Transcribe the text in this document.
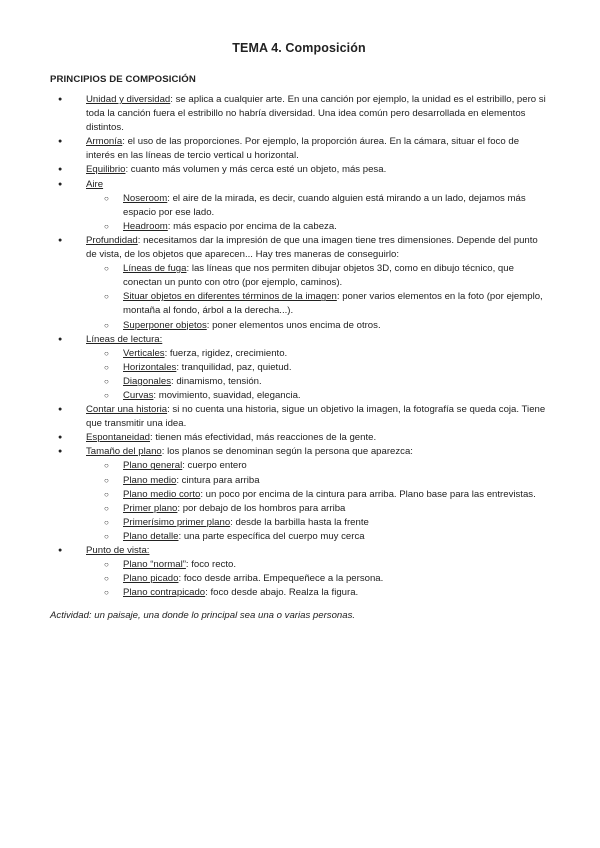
TEMA 4. Composición
PRINCIPIOS DE COMPOSICIÓN
● Unidad y diversidad: se aplica a cualquier arte. En una canción por ejemplo, la unidad es el estribillo, pero si toda la canción fuera el estribillo no habría diversidad. Una idea común pero desarrollada en elementos distintos.
● Armonía: el uso de las proporciones. Por ejemplo, la proporción áurea. En la cámara, situar el foco de interés en las líneas de tercio vertical u horizontal.
● Equilibrio: cuanto más volumen y más cerca esté un objeto, más pesa.
● Aire
○ Noseroom: el aire de la mirada, es decir, cuando alguien está mirando a un lado, dejamos más espacio por ese lado.
○ Headroom: más espacio por encima de la cabeza.
● Profundidad: necesitamos dar la impresión de que una imagen tiene tres dimensiones. Depende del punto de vista, de los objetos que aparecen... Hay tres maneras de conseguirlo:
○ Líneas de fuga: las líneas que nos permiten dibujar objetos 3D, como en dibujo técnico, que conectan un punto con otro (por ejemplo, caminos).
○ Situar objetos en diferentes términos de la imagen: poner varios elementos en la foto (por ejemplo, montaña al fondo, árbol a la derecha...).
○ Superponer objetos: poner elementos unos encima de otros.
● Líneas de lectura:
○ Verticales: fuerza, rigidez, crecimiento.
○ Horizontales: tranquilidad, paz, quietud.
○ Diagonales: dinamismo, tensión.
○ Curvas: movimiento, suavidad, elegancia.
● Contar una historia: si no cuenta una historia, sigue un objetivo la imagen, la fotografía se queda coja. Tiene que transmitir una idea.
● Espontaneidad: tienen más efectividad, más reacciones de la gente.
● Tamaño del plano: los planos se denominan según la persona que aparezca:
○ Plano general: cuerpo entero
○ Plano medio: cintura para arriba
○ Plano medio corto: un poco por encima de la cintura para arriba. Plano base para las entrevistas.
○ Primer plano: por debajo de los hombros para arriba
○ Primerísimo primer plano: desde la barbilla hasta la frente
○ Plano detalle: una parte específica del cuerpo muy cerca
● Punto de vista:
○ Plano “normal”: foco recto.
○ Plano picado: foco desde arriba. Empequeñece a la persona.
○ Plano contrapicado: foco desde abajo. Realza la figura.
Actividad: un paisaje, una donde lo principal sea una o varias personas.
